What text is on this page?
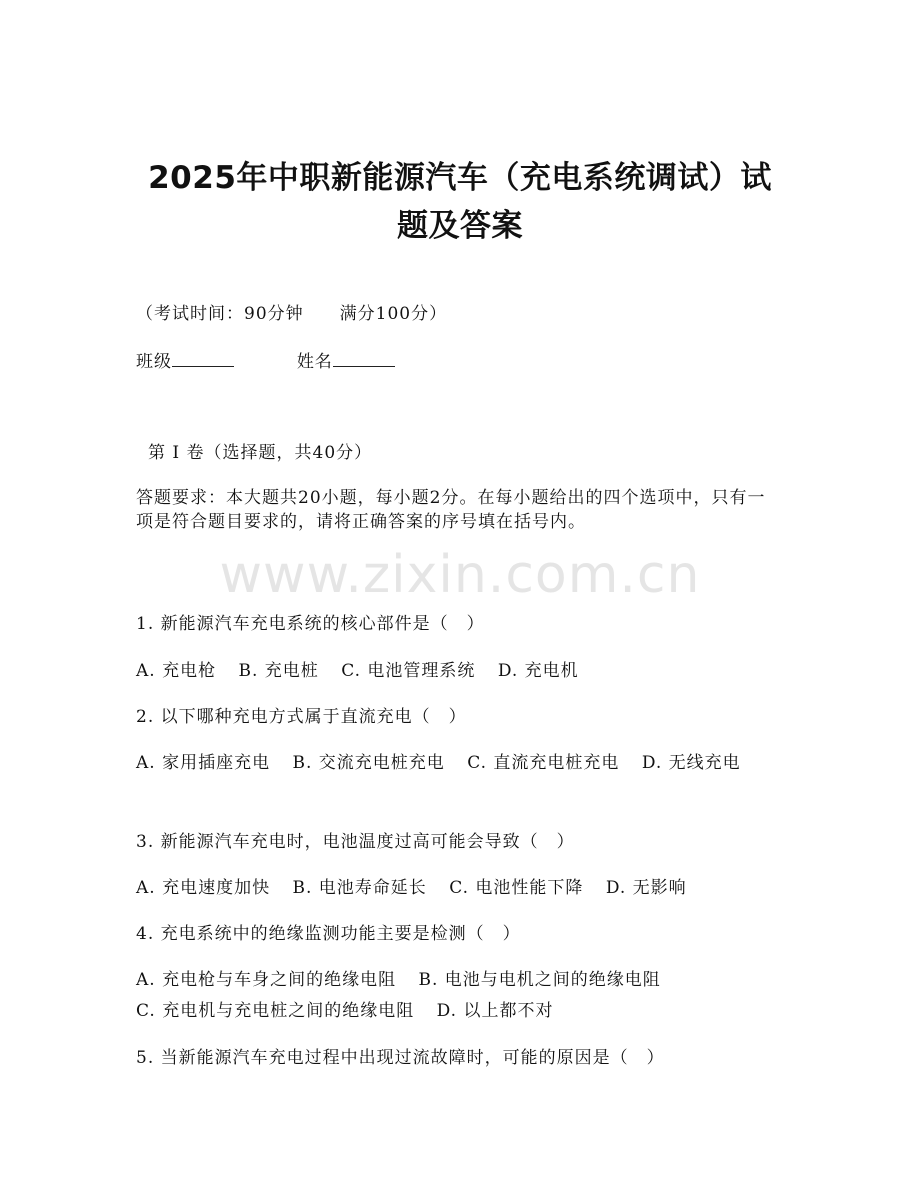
2025年中职新能源汽车（充电系统调试）试
题及答案
（考试时间：90分钟　　满分100分）
班级	姓名
第 I 卷（选择题，共40分）
答题要求：本大题共20小题，每小题2分。在每小题给出的四个选项中，只有一项是符合题目要求的，请将正确答案的序号填在括号内。
www.zixin.com.cn
1. 新能源汽车充电系统的核心部件是（　）
A. 充电枪 B. 充电桩 C. 电池管理系统 D. 充电机
2. 以下哪种充电方式属于直流充电（　）
A. 家用插座充电 B. 交流充电桩充电 C. 直流充电桩充电 D. 无线充电
3. 新能源汽车充电时，电池温度过高可能会导致（　）
A. 充电速度加快 B. 电池寿命延长 C. 电池性能下降 D. 无影响
4. 充电系统中的绝缘监测功能主要是检测（　）
A. 充电枪与车身之间的绝缘电阻 B. 电池与电机之间的绝缘电阻
C. 充电机与充电桩之间的绝缘电阻 D. 以上都不对
5. 当新能源汽车充电过程中出现过流故障时，可能的原因是（　）
